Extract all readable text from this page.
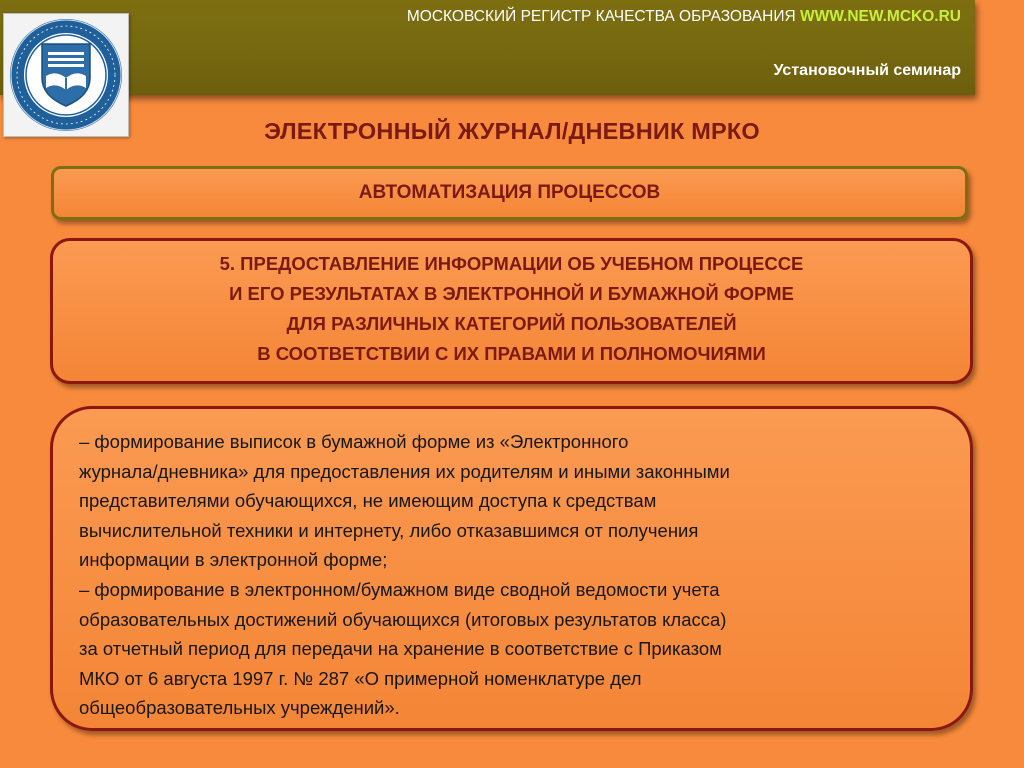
МОСКОВСКИЙ РЕГИСТР КАЧЕСТВА ОБРАЗОВАНИЯ WWW.NEW.MCKO.RU
Установочный семинар
ЭЛЕКТРОННЫЙ ЖУРНАЛ/ДНЕВНИК МРКО
АВТОМАТИЗАЦИЯ ПРОЦЕССОВ
5. ПРЕДОСТАВЛЕНИЕ ИНФОРМАЦИИ ОБ УЧЕБНОМ ПРОЦЕССЕ
И ЕГО РЕЗУЛЬТАТАХ В ЭЛЕКТРОННОЙ И БУМАЖНОЙ ФОРМЕ
ДЛЯ РАЗЛИЧНЫХ КАТЕГОРИЙ ПОЛЬЗОВАТЕЛЕЙ
В СООТВЕТСТВИИ С ИХ ПРАВАМИ И ПОЛНОМОЧИЯМИ
– формирование выписок в бумажной форме из «Электронного
журнала/дневника» для предоставления их родителям и иными законными
представителями обучающихся, не имеющим доступа к средствам
вычислительной техники и интернету, либо отказавшимся от получения
информации в электронной форме;
– формирование в электронном/бумажном виде сводной ведомости учета
образовательных достижений обучающихся (итоговых результатов класса)
за отчетный период для передачи на хранение в соответствие с Приказом
МКО от 6 августа 1997 г. № 287 «О примерной номенклатуре дел
общеобразовательных учреждений».
